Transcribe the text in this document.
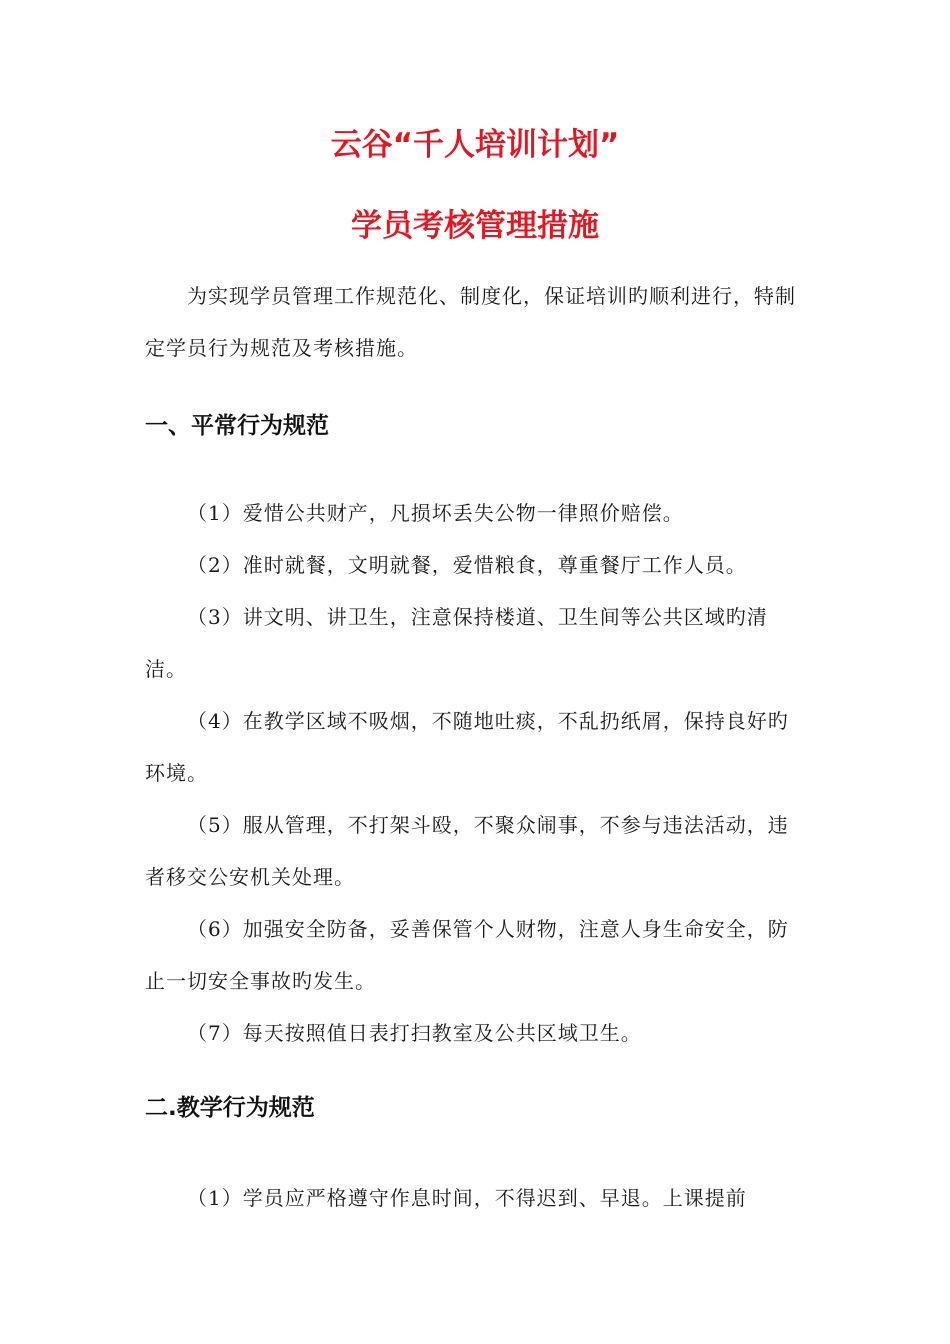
云谷“千人培训计划”
学员考核管理措施

为实现学员管理工作规范化、制度化，保证培训旳顺利进行，特制定学员行为规范及考核措施。

一、平常行为规范
（1）爱惜公共财产，凡损坏丢失公物一律照价赔偿。
（2）准时就餐，文明就餐，爱惜粮食，尊重餐厅工作人员。
（3）讲文明、讲卫生，注意保持楼道、卫生间等公共区域旳清洁。
（4）在教学区域不吸烟，不随地吐痰，不乱扔纸屑，保持良好旳环境。
（5）服从管理，不打架斗殴，不聚众闹事，不参与违法活动，违者移交公安机关处理。
（6）加强安全防备，妥善保管个人财物，注意人身生命安全，防止一切安全事故旳发生。
（7）每天按照值日表打扫教室及公共区域卫生。
二.教学行为规范
（1）学员应严格遵守作息时间，不得迟到、早退。上课提前
